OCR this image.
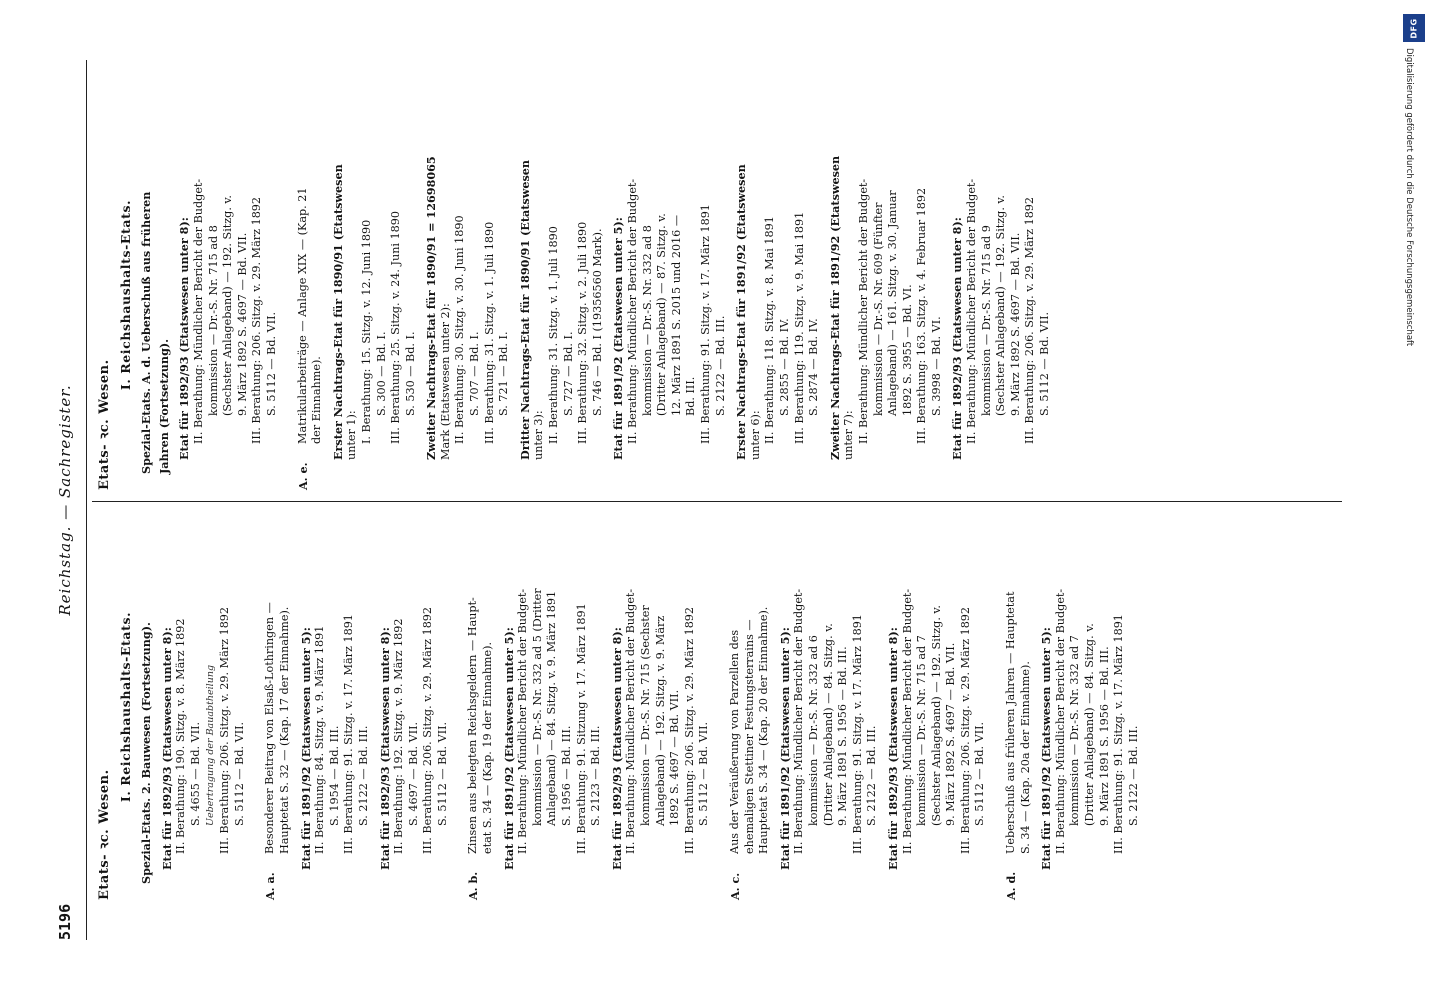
5196
Reichstag. — Sachregister.
Etats- ꝛc. Wesen.
I. Reichshaushalts-Etats. Spezial-Etats. 2. Bauwesen (Fortsetzung). Etat für 1892/93 (Etatswesen unter 8): II. Berathung: 190. Sitzg. v. 8. März 1892 S. 4655 — Bd. VII. Uebertragung der Bauabtheilung III. Berathung: 206. Sitzg. v. 29. März 1892 S. 5112 — Bd. VII.
A. a.
Besonderer Beitrag von Elsaß-Lothringen — Hauptetat S. 32 — (Kap. 17 der Einnahme). Etat für 1891/92 (Etatswesen unter 5): II. Berathung: 84. Sitzg. v. 9. März 1891 S. 1954 — Bd. III. III. Berathung: 91. Sitzg. v. 17. März 1891 S. 2122 — Bd. III. Etat für 1892/93 (Etatswesen unter 8): II. Berathung: 192. Sitzg. v. 9. März 1892 S. 4697 — Bd. VII. III. Berathung: 206. Sitzg. v. 29. März 1892 S. 5112 — Bd. VII.
A. b.
Zinsen aus belegten Reichsgeldern — Haupt- etat S. 34 — (Kap. 19 der Einnahme). Etat für 1891/92 (Etatswesen unter 5): II. Berathung: Mündlicher Bericht der Budget- kommission — Dr.-S. Nr. 332 ad 5 (Dritter Anlageband) — 84. Sitzg. v. 9. März 1891 S. 1956 — Bd. III. III. Berathung: 91. Sitzung v. 17. März 1891 S. 2123 — Bd. III. Etat für 1892/93 (Etatswesen unter 8): II. Berathung: Mündlicher Bericht der Budget- kommission — Dr.-S. Nr. 715 (Sechster Anlageband) — 192. Sitzg. v. 9. März 1892 S. 4697 — Bd. VII. III. Berathung: 206. Sitzg. v. 29. März 1892 S. 5112 — Bd. VII.
A. c.
Aus der Veräußerung von Parzellen des ehemaligen Stettiner Festungsterrains — Hauptetat S. 34 — (Kap. 20 der Einnahme). Etat für 1891/92 (Etatswesen unter 5): II. Berathung: Mündlicher Bericht der Budget- kommission — Dr.-S. Nr. 332 ad 6 (Dritter Anlageband) — 84. Sitzg. v. 9. März 1891 S. 1956 — Bd. III. III. Berathung: 91. Sitzg. v. 17. März 1891 S. 2122 — Bd. III. Etat für 1892/93 (Etatswesen unter 8): II. Berathung: Mündlicher Bericht der Budget- kommission — Dr.-S. Nr. 715 ad 7 (Sechster Anlageband) — 192. Sitzg. v. 9. März 1892 S. 4697 — Bd. VII. III. Berathung: 206. Sitzg. v. 29. März 1892 S. 5112 — Bd. VII.
A. d.
Ueberschuß aus früheren Jahren — Hauptetat S. 34 — (Kap. 20a der Einnahme). Etat für 1891/92 (Etatswesen unter 5): II. Berathung: Mündlicher Bericht der Budget- kommission — Dr.-S. Nr. 332 ad 7 (Dritter Anlageband) — 84. Sitzg. v. 9. März 1891 S. 1956 — Bd. III. III. Berathung: 91. Sitzg. v. 17. März 1891 S. 2122 — Bd. III.
Etats- ꝛc. Wesen.
I. Reichshaushalts-Etats. Spezial-Etats. A. d. Ueberschuß aus früheren Jahren (Fortsetzung). Etat für 1892/93 (Etatswesen unter 8): II. Berathung: Mündlicher Bericht der Budget- kommission — Dr.-S. Nr. 715 ad 8 (Sechster Anlageband) — 192. Sitzg. v. 9. März 1892 S. 4697 — Bd. VII. III. Berathung: 206. Sitzg. v. 29. März 1892 S. 5112 — Bd. VII.
A. e.
Matrikularbeiträge — Anlage XIX — (Kap. 21 der Einnahme). Erster Nachtrags-Etat für 1890/91 (Etatswesen unter 1): I. Berathung: 15. Sitzg. v. 12. Juni 1890 S. 300 — Bd. I. III. Berathung: 25. Sitzg. v. 24. Juni 1890 S. 530 — Bd. I. Zweiter Nachtrags-Etat für 1890/91 = 12698065 Mark (Etatswesen unter 2): II. Berathung: 30. Sitzg. v. 30. Juni 1890 S. 707 — Bd. I. III. Berathung: 31. Sitzg. v. 1. Juli 1890 S. 721 — Bd. I. Dritter Nachtrags-Etat für 1890/91 (Etatswesen unter 3): II. Berathung: 31. Sitzg. v. 1. Juli 1890 S. 727 — Bd. I. III. Berathung: 32. Sitzg. v. 2. Juli 1890 S. 746 — Bd. I (19356560 Mark). Etat für 1891/92 (Etatswesen unter 5): II. Berathung: Mündlicher Bericht der Budget- kommission — Dr.-S. Nr. 332 ad 8 (Dritter Anlageband) — 87. Sitzg. v. 12. März 1891 S. 2015 und 2016 — Bd. III. III. Berathung: 91. Sitzg. v. 17. März 1891 S. 2122 — Bd. III. Erster Nachtrags-Etat für 1891/92 (Etatswesen unter 6): II. Berathung: 118. Sitzg. v. 8. Mai 1891 S. 2855 — Bd. IV. III. Berathung: 119. Sitzg. v. 9. Mai 1891 S. 2874 — Bd. IV. Zweiter Nachtrags-Etat für 1891/92 (Etatswesen unter 7): II. Berathung: Mündlicher Bericht der Budget- kommission — Dr.-S. Nr. 609 (Fünfter Anlageband) — 161. Sitzg. v. 30. Januar 1892 S. 3955 — Bd. VI. III. Berathung: 163. Sitzg. v. 4. Februar 1892 S. 3998 — Bd. VI. Etat für 1892/93 (Etatswesen unter 8): II. Berathung: Mündlicher Bericht der Budget- kommission — Dr.-S. Nr. 715 ad 9 (Sechster Anlageband) — 192. Sitzg. v. 9. März 1892 S. 4697 — Bd. VII. III. Berathung: 206. Sitzg. v. 29. März 1892 S. 5112 — Bd. VII.
DFG
Digitalisierung gefördert durch die Deutsche Forschungsgemeinschaft
